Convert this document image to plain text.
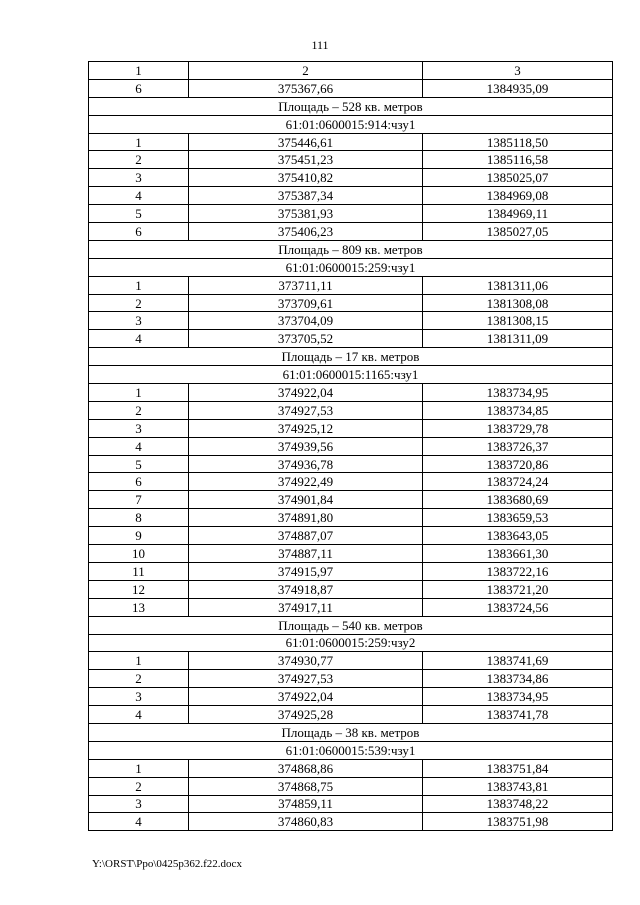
111
1	2	3
6	375367,66	1384935,09
Площадь – 528 кв. метров		
61:01:0600015:914:чзу1		
1	375446,61	1385118,50
2	375451,23	1385116,58
3	375410,82	1385025,07
4	375387,34	1384969,08
5	375381,93	1384969,11
6	375406,23	1385027,05
Площадь – 809 кв. метров		
61:01:0600015:259:чзу1		
1	373711,11	1381311,06
2	373709,61	1381308,08
3	373704,09	1381308,15
4	373705,52	1381311,09
Площадь – 17 кв. метров		
61:01:0600015:1165:чзу1		
1	374922,04	1383734,95
2	374927,53	1383734,85
3	374925,12	1383729,78
4	374939,56	1383726,37
5	374936,78	1383720,86
6	374922,49	1383724,24
7	374901,84	1383680,69
8	374891,80	1383659,53
9	374887,07	1383643,05
10	374887,11	1383661,30
11	374915,97	1383722,16
12	374918,87	1383721,20
13	374917,11	1383724,56
Площадь – 540 кв. метров		
61:01:0600015:259:чзу2		
1	374930,77	1383741,69
2	374927,53	1383734,86
3	374922,04	1383734,95
4	374925,28	1383741,78
Площадь – 38 кв. метров		
61:01:0600015:539:чзу1		
1	374868,86	1383751,84
2	374868,75	1383743,81
3	374859,11	1383748,22
4	374860,83	1383751,98
Y:\ORST\Ppo\0425p362.f22.docx
